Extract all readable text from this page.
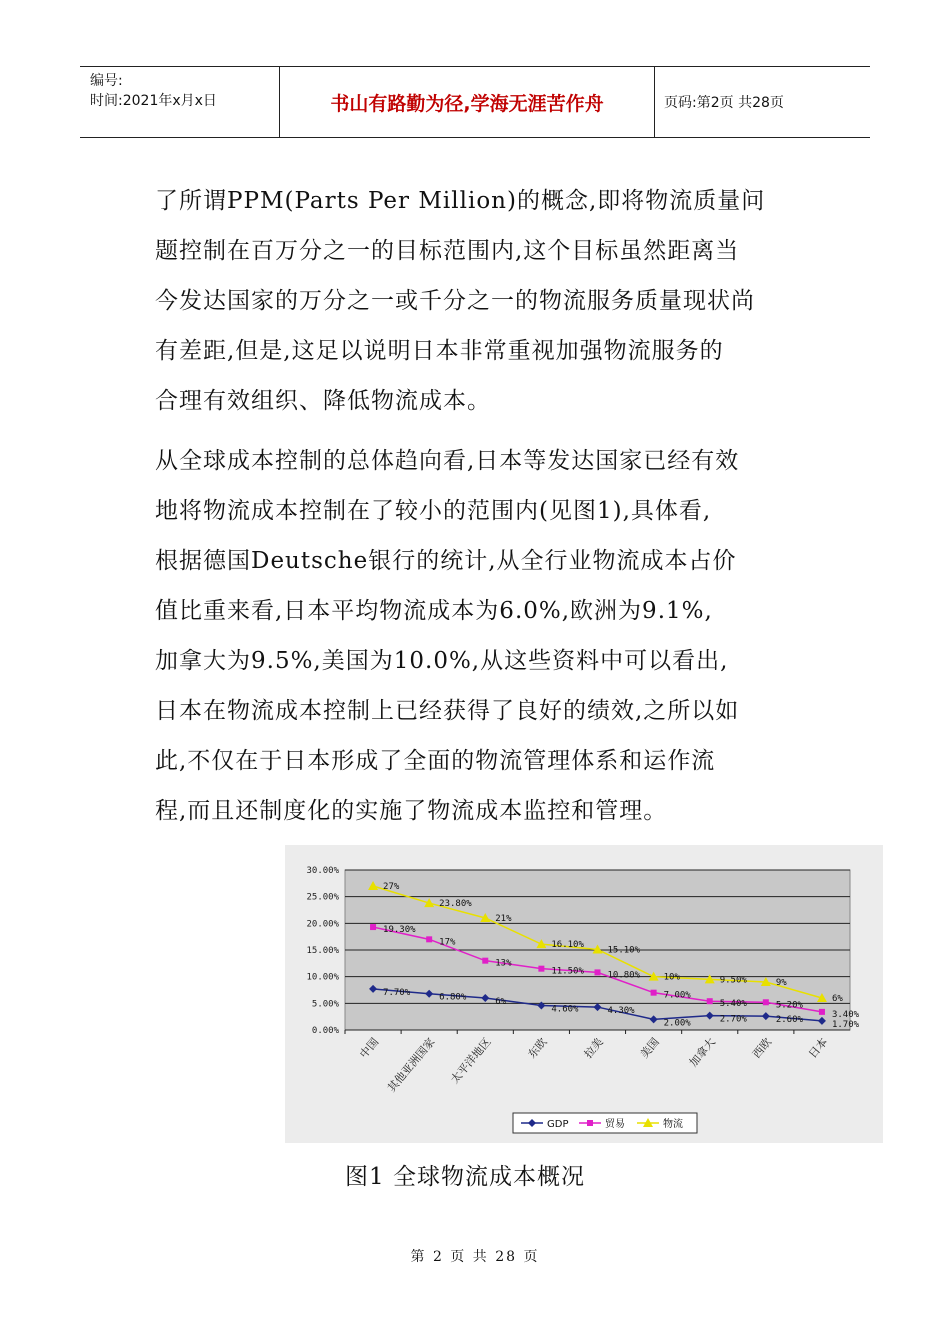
编号:
时间:2021年x月x日	书山有路勤为径,学海无涯苦作舟	页码:第2页 共28页
了所谓PPM(Parts Per Million)的概念,即将物流质量问
题控制在百万分之一的目标范围内,这个目标虽然距离当
今发达国家的万分之一或千分之一的物流服务质量现状尚
有差距,但是,这足以说明日本非常重视加强物流服务的
合理有效组织、降低物流成本。
从全球成本控制的总体趋向看,日本等发达国家已经有效
地将物流成本控制在了较小的范围内(见图1),具体看,
根据德国Deutsche银行的统计,从全行业物流成本占价
值比重来看,日本平均物流成本为6.0%,欧洲为9.1%,
加拿大为9.5%,美国为10.0%,从这些资料中可以看出,
日本在物流成本控制上已经获得了良好的绩效,之所以如
此,不仅在于日本形成了全面的物流管理体系和运作流
程,而且还制度化的实施了物流成本监控和管理。
0.00%
5.00%
10.00%
15.00%
20.00%
25.00%
30.00%
中国 其他亚洲国家 太平洋地区	东欧	拉美	美国 加拿大	西欧	日本
7.70%	6.80%	6%
4.60%	4.30%
2.00%	2.70%	2.60%	1.70%
19.30%
17%
13%
11.50%	10.80%
7.00%
5.40%	5.20%
3.40%
27%
23.80%
21%
16.10%
15.10%
10%	9.50%	9%
6%
GDP	贸易	物流
图1 全球物流成本概况
第 2 页 共 28 页
